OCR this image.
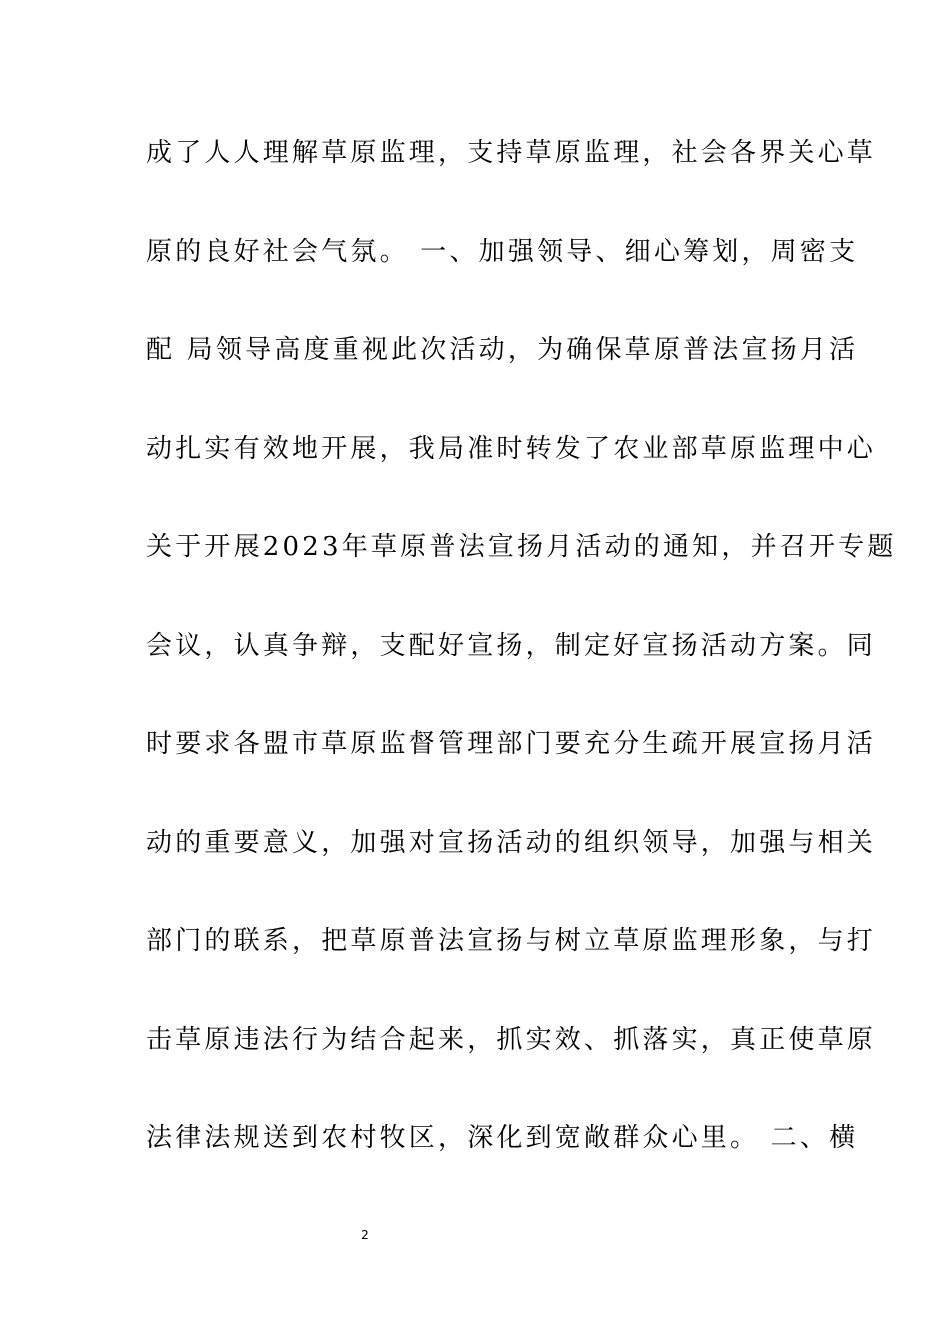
成了人人理解草原监理，支持草原监理，社会各界关心草
原的良好社会气氛。 一、加强领导、细心筹划，周密支
配 局领导高度重视此次活动，为确保草原普法宣扬月活
动扎实有效地开展，我局准时转发了农业部草原监理中心
关于开展2023年草原普法宣扬月活动的通知，并召开专题
会议，认真争辩，支配好宣扬，制定好宣扬活动方案。同
时要求各盟市草原监督管理部门要充分生疏开展宣扬月活
动的重要意义，加强对宣扬活动的组织领导，加强与相关
部门的联系，把草原普法宣扬与树立草原监理形象，与打
击草原违法行为结合起来，抓实效、抓落实，真正使草原
法律法规送到农村牧区，深化到宽敞群众心里。 二、横
2
